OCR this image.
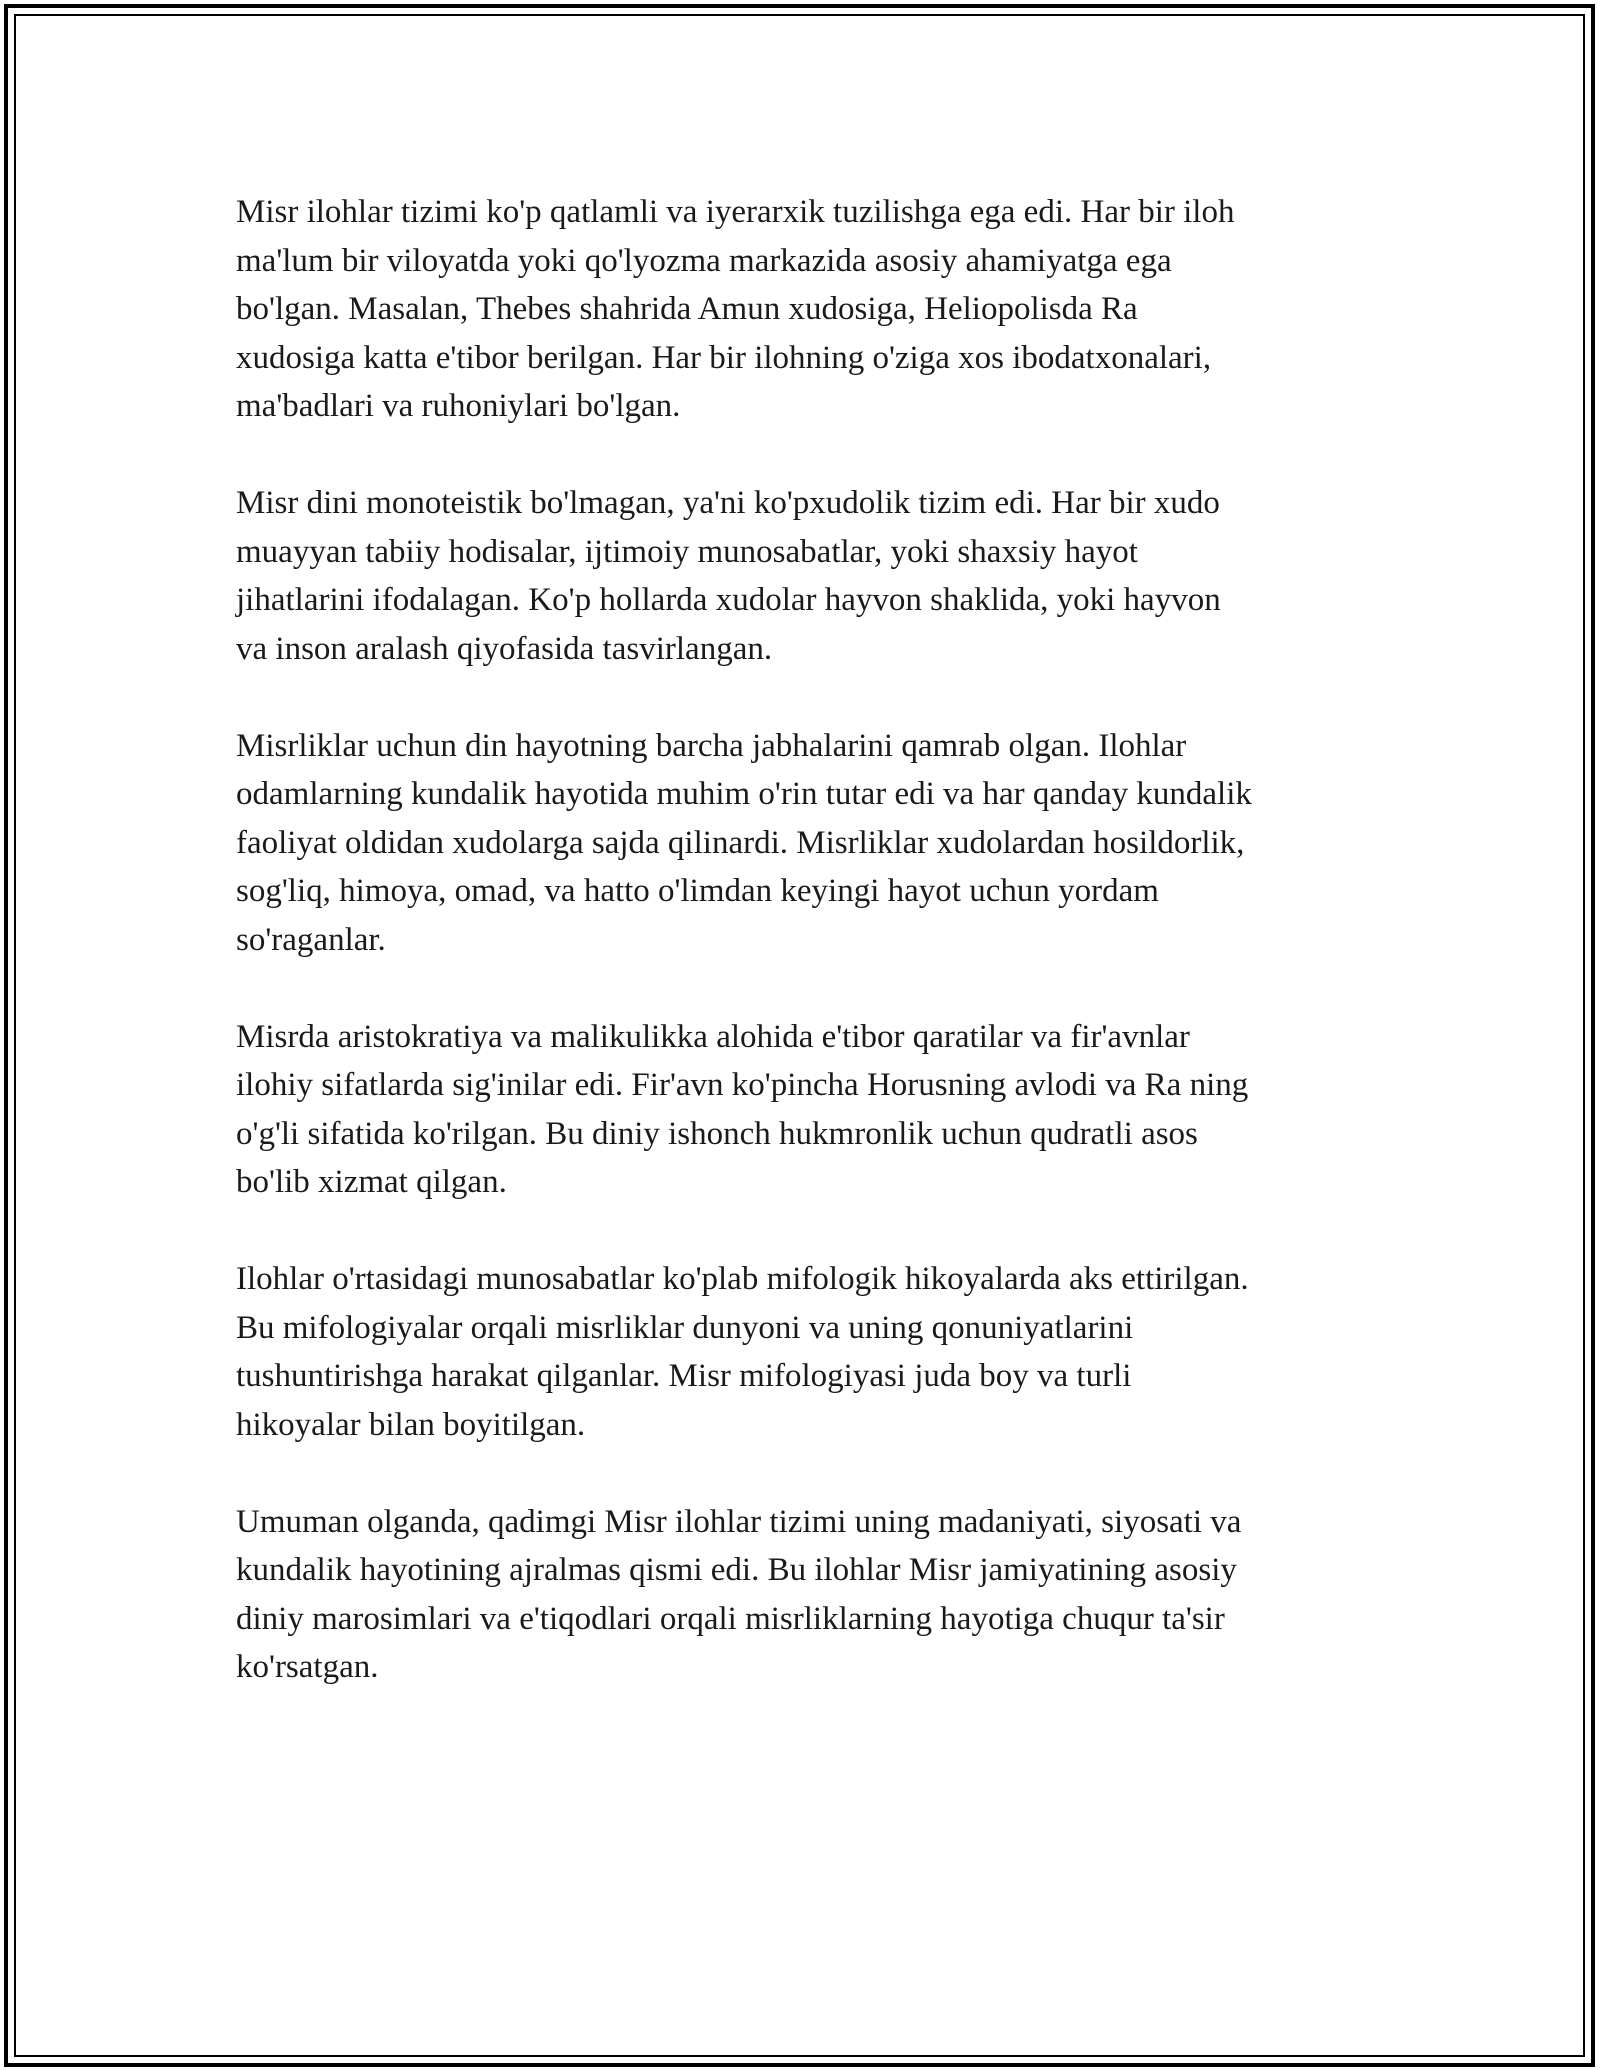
Misr ilohlar tizimi ko'p qatlamli va iyerarxik tuzilishga ega edi. Har bir iloh
ma'lum bir viloyatda yoki qo'lyozma markazida asosiy ahamiyatga ega
bo'lgan. Masalan, Thebes shahrida Amun xudosiga, Heliopolisda Ra
xudosiga katta e'tibor berilgan. Har bir ilohning o'ziga xos ibodatxonalari,
ma'badlari va ruhoniylari bo'lgan.

Misr dini monoteistik bo'lmagan, ya'ni ko'pxudolik tizim edi. Har bir xudo
muayyan tabiiy hodisalar, ijtimoiy munosabatlar, yoki shaxsiy hayot
jihatlarini ifodalagan. Ko'p hollarda xudolar hayvon shaklida, yoki hayvon
va inson aralash qiyofasida tasvirlangan.

Misrliklar uchun din hayotning barcha jabhalarini qamrab olgan. Ilohlar
odamlarning kundalik hayotida muhim o'rin tutar edi va har qanday kundalik
faoliyat oldidan xudolarga sajda qilinardi. Misrliklar xudolardan hosildorlik,
sog'liq, himoya, omad, va hatto o'limdan keyingi hayot uchun yordam
so'raganlar.

Misrda aristokratiya va malikulikka alohida e'tibor qaratilar va fir'avnlar
ilohiy sifatlarda sig'inilar edi. Fir'avn ko'pincha Horusning avlodi va Ra ning
o'g'li sifatida ko'rilgan. Bu diniy ishonch hukmronlik uchun qudratli asos
bo'lib xizmat qilgan.

Ilohlar o'rtasidagi munosabatlar ko'plab mifologik hikoyalarda aks ettirilgan.
Bu mifologiyalar orqali misrliklar dunyoni va uning qonuniyatlarini
tushuntirishga harakat qilganlar. Misr mifologiyasi juda boy va turli
hikoyalar bilan boyitilgan.

Umuman olganda, qadimgi Misr ilohlar tizimi uning madaniyati, siyosati va
kundalik hayotining ajralmas qismi edi. Bu ilohlar Misr jamiyatining asosiy
diniy marosimlari va e'tiqodlari orqali misrliklarning hayotiga chuqur ta'sir
ko'rsatgan.
